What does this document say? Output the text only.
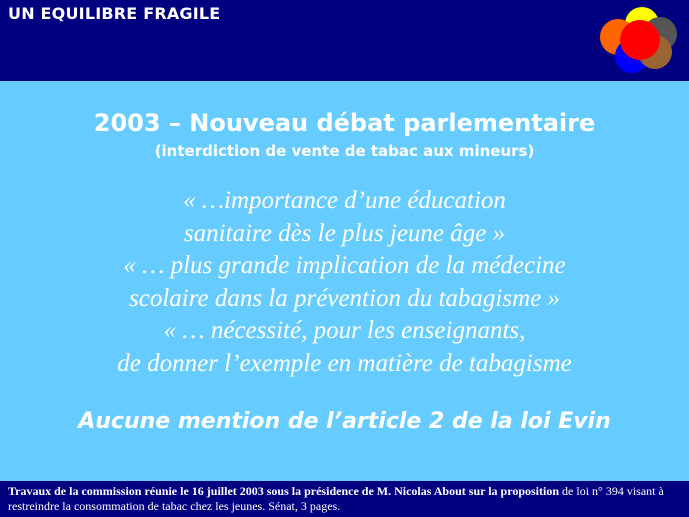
UN EQUILIBRE FRAGILE
2003 – Nouveau débat parlementaire
(interdiction de vente de tabac aux mineurs)
« …importance d’une éducation
sanitaire dès le plus jeune âge »
« … plus grande implication de la médecine
scolaire dans la prévention du tabagisme »
« … nécessité, pour les enseignants,
de donner l’exemple en matière de tabagisme
Aucune mention de l’article 2 de la loi Evin
Travaux de la commission réunie le 16 juillet 2003 sous la présidence de M. Nicolas About sur la proposition de loi n° 394 visant à restreindre la consommation de tabac chez les jeunes. Sénat, 3 pages.
